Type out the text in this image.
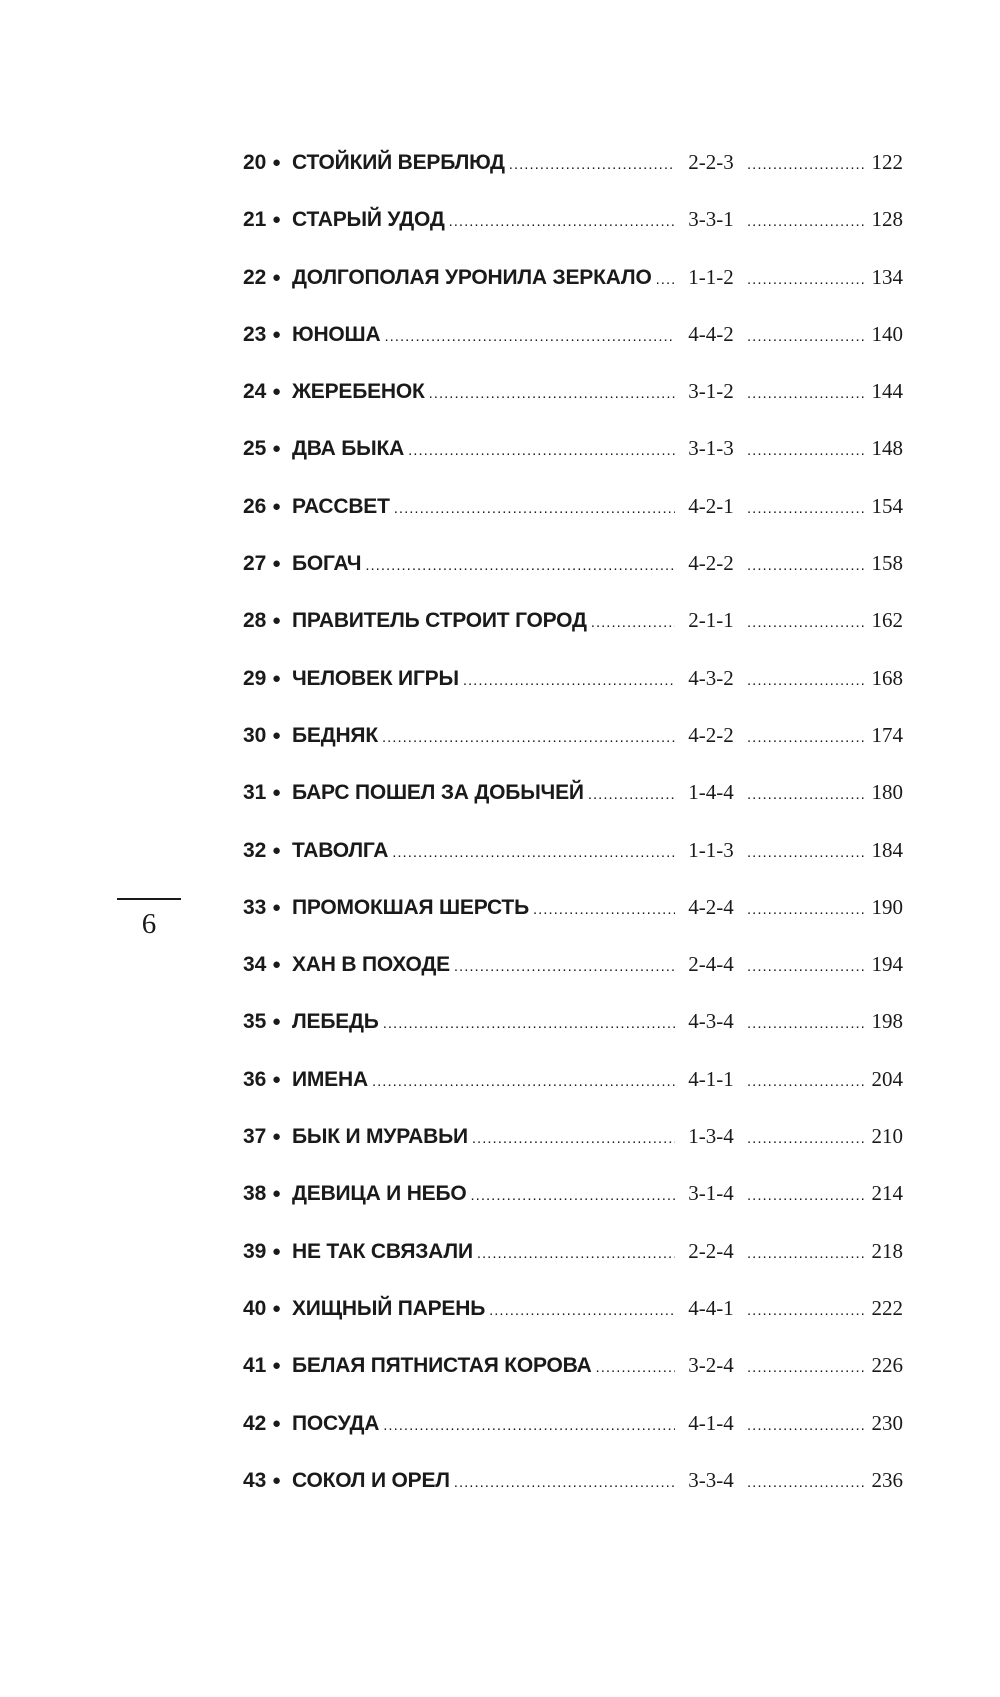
6
20 ● СТОЙКИЙ ВЕРБЛЮД .....	2-2-3 .....	122
21 ● СТАРЫЙ УДОД .....	3-3-1 .....	128
22 ● ДОЛГОПОЛАЯ УРОНИЛА ЗЕРКАЛО .....	1-1-2 .....	134
23 ● ЮНОША .....	4-4-2 .....	140
24 ● ЖЕРЕБЕНОК .....	3-1-2 .....	144
25 ● ДВА БЫКА .....	3-1-3 .....	148
26 ● РАССВЕТ .....	4-2-1 .....	154
27 ● БОГАЧ .....	4-2-2 .....	158
28 ● ПРАВИТЕЛЬ СТРОИТ ГОРОД .....	2-1-1 .....	162
29 ● ЧЕЛОВЕК ИГРЫ .....	4-3-2 .....	168
30 ● БЕДНЯК .....	4-2-2 .....	174
31 ● БАРС ПОШЕЛ ЗА ДОБЫЧЕЙ .....	1-4-4 .....	180
32 ● ТАВОЛГА .....	1-1-3 .....	184
33 ● ПРОМОКШАЯ ШЕРСТЬ .....	4-2-4 .....	190
34 ● ХАН В ПОХОДЕ .....	2-4-4 .....	194
35 ● ЛЕБЕДЬ .....	4-3-4 .....	198
36 ● ИМЕНА .....	4-1-1 .....	204
37 ● БЫК И МУРАВЬИ .....	1-3-4 .....	210
38 ● ДЕВИЦА И НЕБО .....	3-1-4 .....	214
39 ● НЕ ТАК СВЯЗАЛИ .....	2-2-4 .....	218
40 ● ХИЩНЫЙ ПАРЕНЬ .....	4-4-1 .....	222
41 ● БЕЛАЯ ПЯТНИСТАЯ КОРОВА .....	3-2-4 .....	226
42 ● ПОСУДА .....	4-1-4 .....	230
43 ● СОКОЛ И ОРЕЛ .....	3-3-4 .....	236
